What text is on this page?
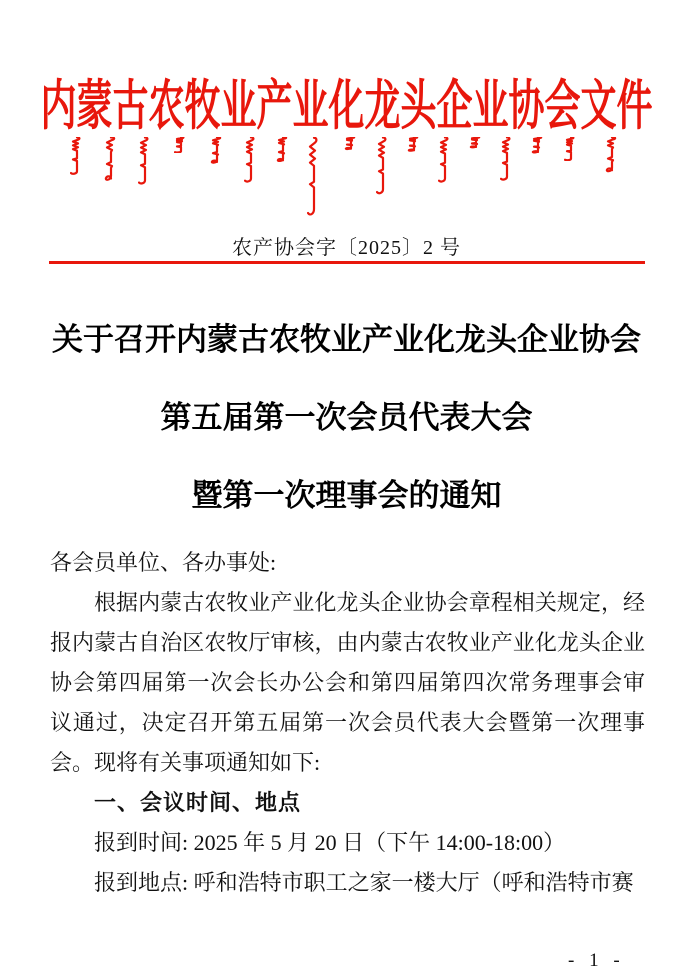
内蒙古农牧业产业化龙头企业协会文件
农产协会字〔2025〕2 号
关于召开内蒙古农牧业产业化龙头企业协会
第五届第一次会员代表大会
暨第一次理事会的通知
各会员单位、各办事处:
根据内蒙古农牧业产业化龙头企业协会章程相关规定，经
报内蒙古自治区农牧厅审核，由内蒙古农牧业产业化龙头企业
协会第四届第一次会长办公会和第四届第四次常务理事会审
议通过，决定召开第五届第一次会员代表大会暨第一次理事
会。现将有关事项通知如下:
一、会议时间、地点
报到时间: 2025 年 5 月 20 日（下午 14:00-18:00）
报到地点: 呼和浩特市职工之家一楼大厅（呼和浩特市赛
- 1 -
